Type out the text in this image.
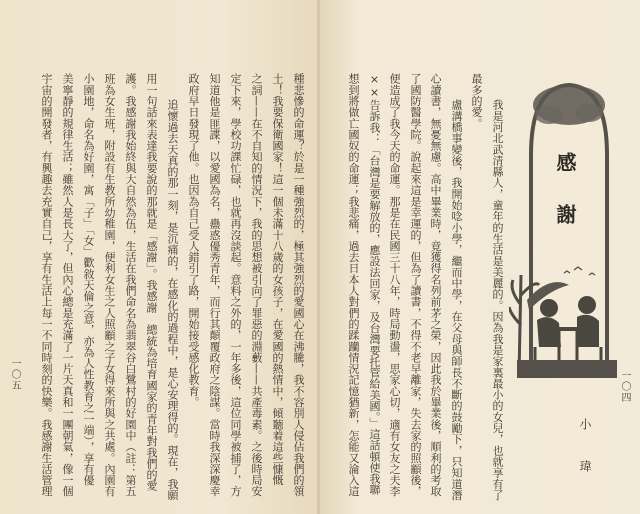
種悲慘的命運？於是一種強烈的，極其強烈的愛國心在沸騰，我不容別人侵佔我們的領
土！我要保衛國家！這一個未滿十八歲的女孩子，在愛國的熱情中，傾聽着這些慷慨
之詞——在不自知的情況下，我的思想被引向了罪惡的淵藪——共產毒素。之後時局安
定下來，學校功課忙碌，也就再沒談起。意料之外的，一年多後，這位同學被捕了，方
知道他是匪諜，以愛國為名，蠱惑優秀青年，而行其顛覆政府之陰謀。當時我深深慶幸
政府早日發現了他。也因為自己受人錯引了路，開始接受感化教育。
追懷過去天真的那一刻，是沉痛的，在感化的過程中，是心安理得的。現在，我願
用一句話來表達我要說的那就是「感謝」。我感謝　總統為培育國家的青年對我們的愛
護。我感謝我始終與大自然為伍，生活在我們命名為翡翠谷白鷺村的好園中（註：第五
班為女生班，附設有生教所幼稚園，便利女生之人照顧之子女得來所與之共處。內園有
小園地，命名為好園，寓「子」「女」歡敘天倫之意，亦為人性教育之一端），享有優
美寧靜的規律生活；雖然人是長大了，但內心總是充滿了一片天真和一團朝氣，像一個
宇宙的開發者，有興趣去充實自己，享有生活上每一不同時刻的快樂。我感謝生活管理
一〇五	我是河北武清縣人，童年的生活是美麗的。因為我是家裏最小的女兒，也就享有了
最多的愛。
盧溝橋事變後，我開始唸小學，繼而中學，在父母與師長不斷的鼓勵下，只知道潛
心讀書，無憂無慮。高中畢業時，竟獲得名列前茅之榮，因此我於畢業後，順利的考取
了國防醫學院。說起來這是幸運的，但為了讀書，不得不老早離家，失去家的照顧後，
便造成了我今天的命運。那是在民國三十八年，時局動盪，思家心切，適有女友之夫李
××告訴我：「台灣是要解放的，應設法回家，及台灣要托管給美國。」這話頓使我聯
想到將做亡國奴的命運；我悲痛，過去日本人對們的蹂躪情況記憶猶新，怎能又淪入這	感謝
小瑋
一〇四
